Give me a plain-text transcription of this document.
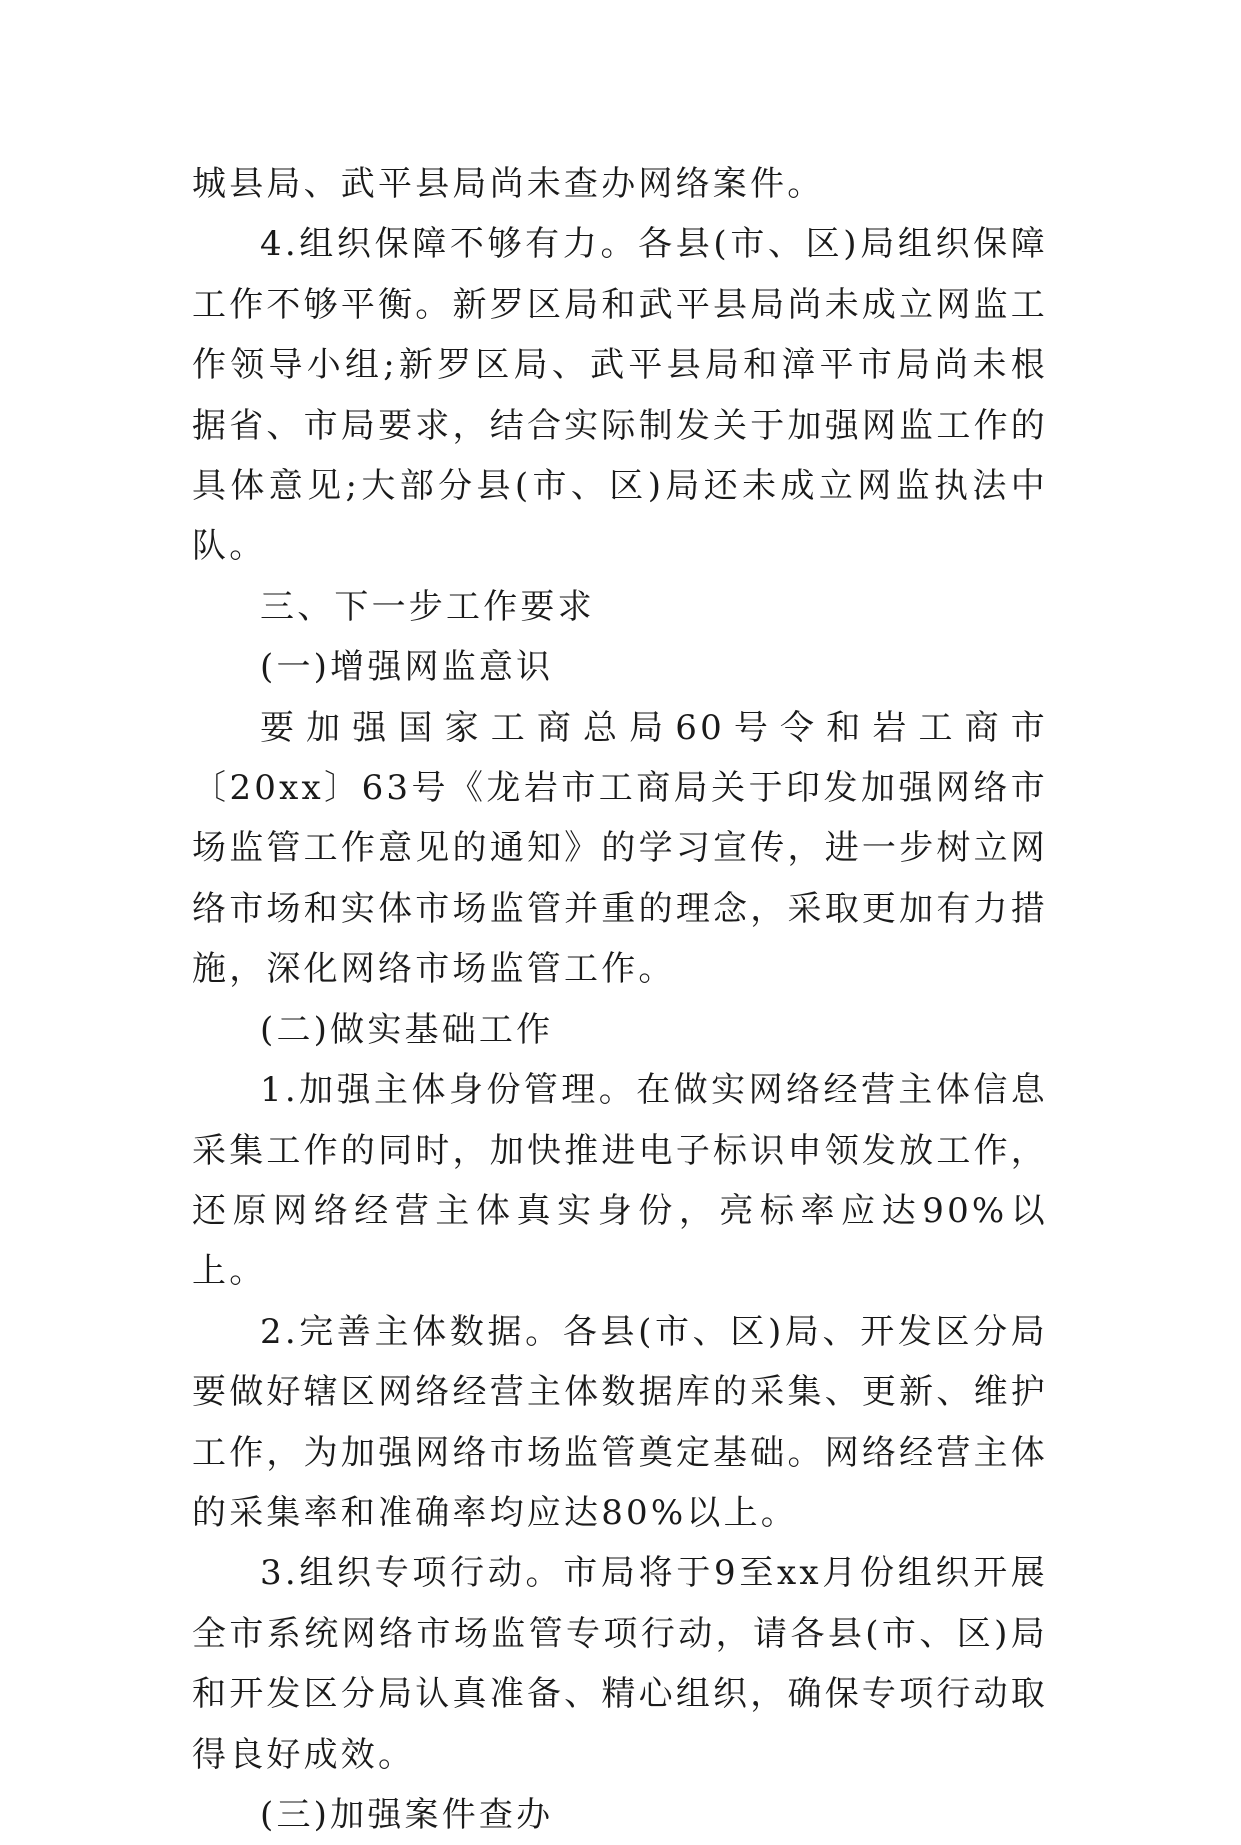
城县局、武平县局尚未查办网络案件。

4.组织保障不够有力。各县(市、区)局组织保障工作不够平衡。新罗区局和武平县局尚未成立网监工作领导小组;新罗区局、武平县局和漳平市局尚未根据省、市局要求，结合实际制发关于加强网监工作的具体意见;大部分县(市、区)局还未成立网监执法中队。

三、下一步工作要求

(一)增强网监意识

要加强国家工商总局60号令和岩工商市〔20xx〕63号《龙岩市工商局关于印发加强网络市场监管工作意见的通知》的学习宣传，进一步树立网络市场和实体市场监管并重的理念，采取更加有力措施，深化网络市场监管工作。

(二)做实基础工作

1.加强主体身份管理。在做实网络经营主体信息采集工作的同时，加快推进电子标识申领发放工作，还原网络经营主体真实身份，亮标率应达90%以上。

2.完善主体数据。各县(市、区)局、开发区分局要做好辖区网络经营主体数据库的采集、更新、维护工作，为加强网络市场监管奠定基础。网络经营主体的采集率和准确率均应达80%以上。

3.组织专项行动。市局将于9至xx月份组织开展全市系统网络市场监管专项行动，请各县(市、区)局和开发区分局认真准备、精心组织，确保专项行动取得良好成效。

(三)加强案件查办
